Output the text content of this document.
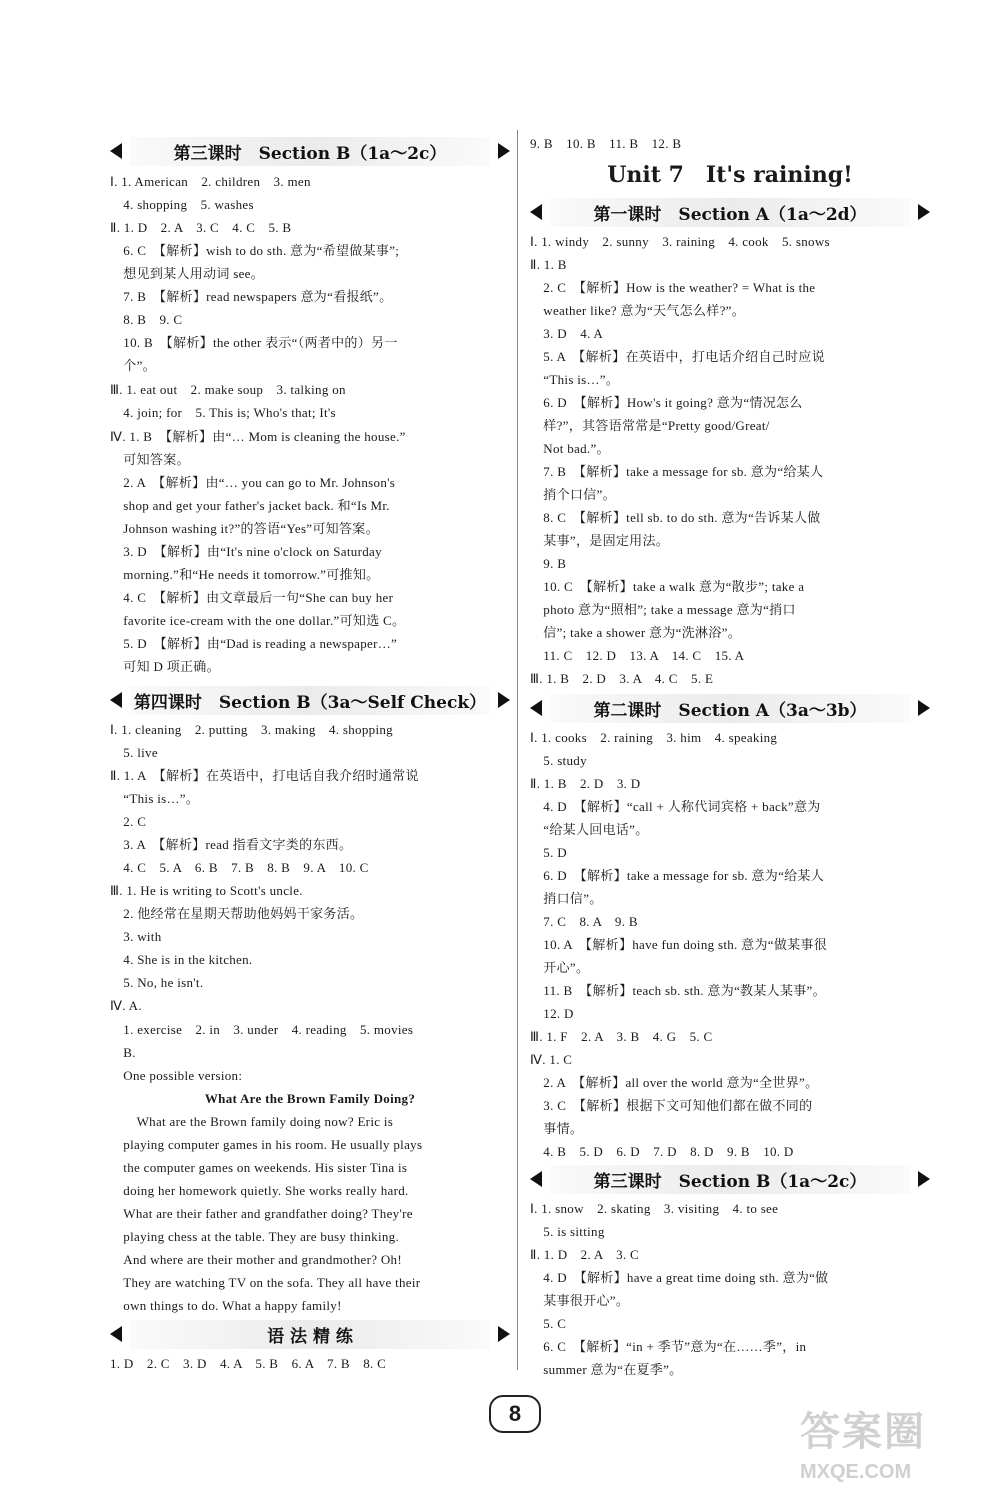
第三课时　Section B（1a～2c）
Ⅰ. 1. American　2. children　3. men
　4. shopping　5. washes
Ⅱ. 1. D　2. A　3. C　4. C　5. B
　6. C　【解析】wish to do sth. 意为“希望做某事”;
　想见到某人用动词 see。
　7. B　【解析】read newspapers 意为“看报纸”。
　8. B　9. C
　10. B　【解析】the other 表示“（两者中的）另一
　个”。
Ⅲ. 1. eat out　2. make soup　3. talking on
　4. join; for　5. This is; Who's that; It's
Ⅳ. 1. B　【解析】由“… Mom is cleaning the house.”
　可知答案。
　2. A　【解析】由“… you can go to Mr. Johnson's
　shop and get your father's jacket back. 和“Is Mr.
　Johnson washing it?”的答语“Yes”可知答案。
　3. D　【解析】由“It's nine o'clock on Saturday
　morning.”和“He needs it tomorrow.”可推知。
　4. C　【解析】由文章最后一句“She can buy her
　favorite ice-cream with the one dollar.”可知选 C。
　5. D　【解析】由“Dad is reading a newspaper…”
　可知 D 项正确。
第四课时　Section B（3a～Self Check）
Ⅰ. 1. cleaning　2. putting　3. making　4. shopping
　5. live
Ⅱ. 1. A　【解析】在英语中，打电话自我介绍时通常说
　“This is…”。
　2. C
　3. A　【解析】read 指看文字类的东西。
　4. C　5. A　6. B　7. B　8. B　9. A　10. C
Ⅲ. 1. He is writing to Scott's uncle.
　2. 他经常在星期天帮助他妈妈干家务活。
　3. with
　4. She is in the kitchen.
　5. No, he isn't.
Ⅳ. A.
　1. exercise　2. in　3. under　4. reading　5. movies
　B.
　One possible version:
What Are the Brown Family Doing?
　　What are the Brown family doing now? Eric is
　playing computer games in his room. He usually plays
　the computer games on weekends. His sister Tina is
　doing her homework quietly. She works really hard.
　What are their father and grandfather doing? They're
　playing chess at the table. They are busy thinking.
　And where are their mother and grandmother? Oh!
　They are watching TV on the sofa. They all have their
　own things to do. What a happy family!
语 法 精 练
1. D　2. C　3. D　4. A　5. B　6. A　7. B　8. C
9. B　10. B　11. B　12. B
Unit 7　It's raining!
第一课时　Section A（1a～2d）
Ⅰ. 1. windy　2. sunny　3. raining　4. cook　5. snows
Ⅱ. 1. B
　2. C　【解析】How is the weather? = What is the
　weather like? 意为“天气怎么样?”。
　3. D　4. A
　5. A　【解析】在英语中，打电话介绍自己时应说
　“This is…”。
　6. D　【解析】How's it going? 意为“情况怎么
　样?”，其答语常常是“Pretty good/Great/
　Not bad.”。
　7. B　【解析】take a message for sb. 意为“给某人
　捎个口信”。
　8. C　【解析】tell sb. to do sth. 意为“告诉某人做
　某事”，是固定用法。
　9. B
　10. C　【解析】take a walk 意为“散步”; take a
　photo 意为“照相”; take a message 意为“捎口
　信”; take a shower 意为“洗淋浴”。
　11. C　12. D　13. A　14. C　15. A
Ⅲ. 1. B　2. D　3. A　4. C　5. E
第二课时　Section A（3a～3b）
Ⅰ. 1. cooks　2. raining　3. him　4. speaking
　5. study
Ⅱ. 1. B　2. D　3. D
　4. D　【解析】“call + 人称代词宾格 + back”意为
　“给某人回电话”。
　5. D
　6. D　【解析】take a message for sb. 意为“给某人
　捎口信”。
　7. C　8. A　9. B
　10. A　【解析】have fun doing sth. 意为“做某事很
　开心”。
　11. B　【解析】teach sb. sth. 意为“教某人某事”。
　12. D
Ⅲ. 1. F　2. A　3. B　4. G　5. C
Ⅳ. 1. C
　2. A　【解析】all over the world 意为“全世界”。
　3. C　【解析】根据下文可知他们都在做不同的
　事情。
　4. B　5. D　6. D　7. D　8. D　9. B　10. D
第三课时　Section B（1a～2c）
Ⅰ. 1. snow　2. skating　3. visiting　4. to see
　5. is sitting
Ⅱ. 1. D　2. A　3. C
　4. D　【解析】have a great time doing sth. 意为“做
　某事很开心”。
　5. C
　6. C　【解析】“in + 季节”意为“在……季”，in
　summer 意为“在夏季”。
8	答案圈
MXQE.COM
